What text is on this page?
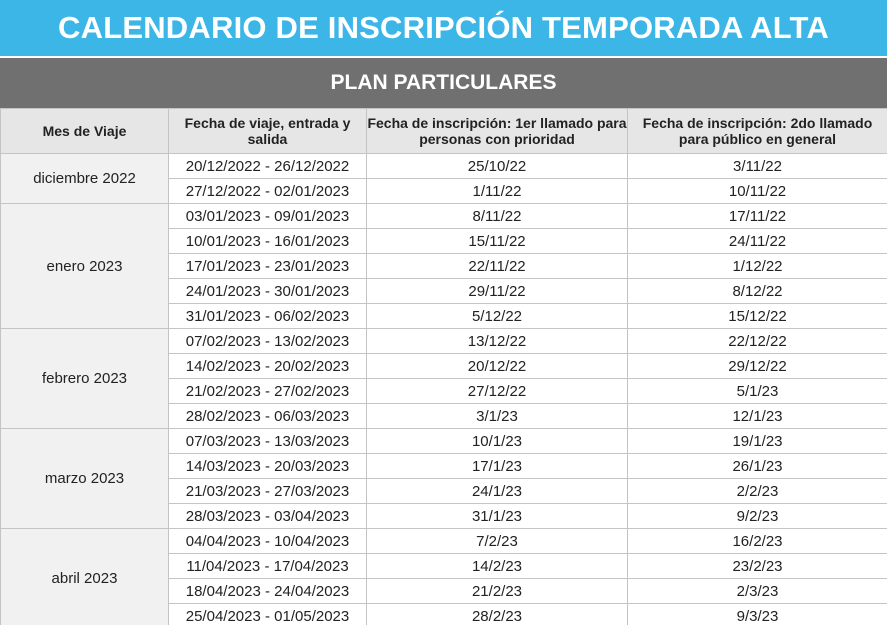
CALENDARIO DE INSCRIPCIÓN TEMPORADA ALTA
PLAN PARTICULARES
Mes de Viaje	Fecha de viaje, entrada y salida	Fecha de inscripción: 1er llamado para personas con prioridad	Fecha de inscripción: 2do llamado para público en general
diciembre 2022	20/12/2022 - 26/12/2022	25/10/22	3/11/22
	27/12/2022 - 02/01/2023	1/11/22	10/11/22
enero 2023	03/01/2023 - 09/01/2023	8/11/22	17/11/22
	10/01/2023 - 16/01/2023	15/11/22	24/11/22
	17/01/2023 - 23/01/2023	22/11/22	1/12/22
	24/01/2023 - 30/01/2023	29/11/22	8/12/22
	31/01/2023 - 06/02/2023	5/12/22	15/12/22
febrero 2023	07/02/2023 - 13/02/2023	13/12/22	22/12/22
	14/02/2023 - 20/02/2023	20/12/22	29/12/22
	21/02/2023 - 27/02/2023	27/12/22	5/1/23
	28/02/2023 - 06/03/2023	3/1/23	12/1/23
marzo 2023	07/03/2023 - 13/03/2023	10/1/23	19/1/23
	14/03/2023 - 20/03/2023	17/1/23	26/1/23
	21/03/2023 - 27/03/2023	24/1/23	2/2/23
	28/03/2023 - 03/04/2023	31/1/23	9/2/23
abril 2023	04/04/2023 - 10/04/2023	7/2/23	16/2/23
	11/04/2023 - 17/04/2023	14/2/23	23/2/23
	18/04/2023 - 24/04/2023	21/2/23	2/3/23
	25/04/2023 - 01/05/2023	28/2/23	9/3/23
